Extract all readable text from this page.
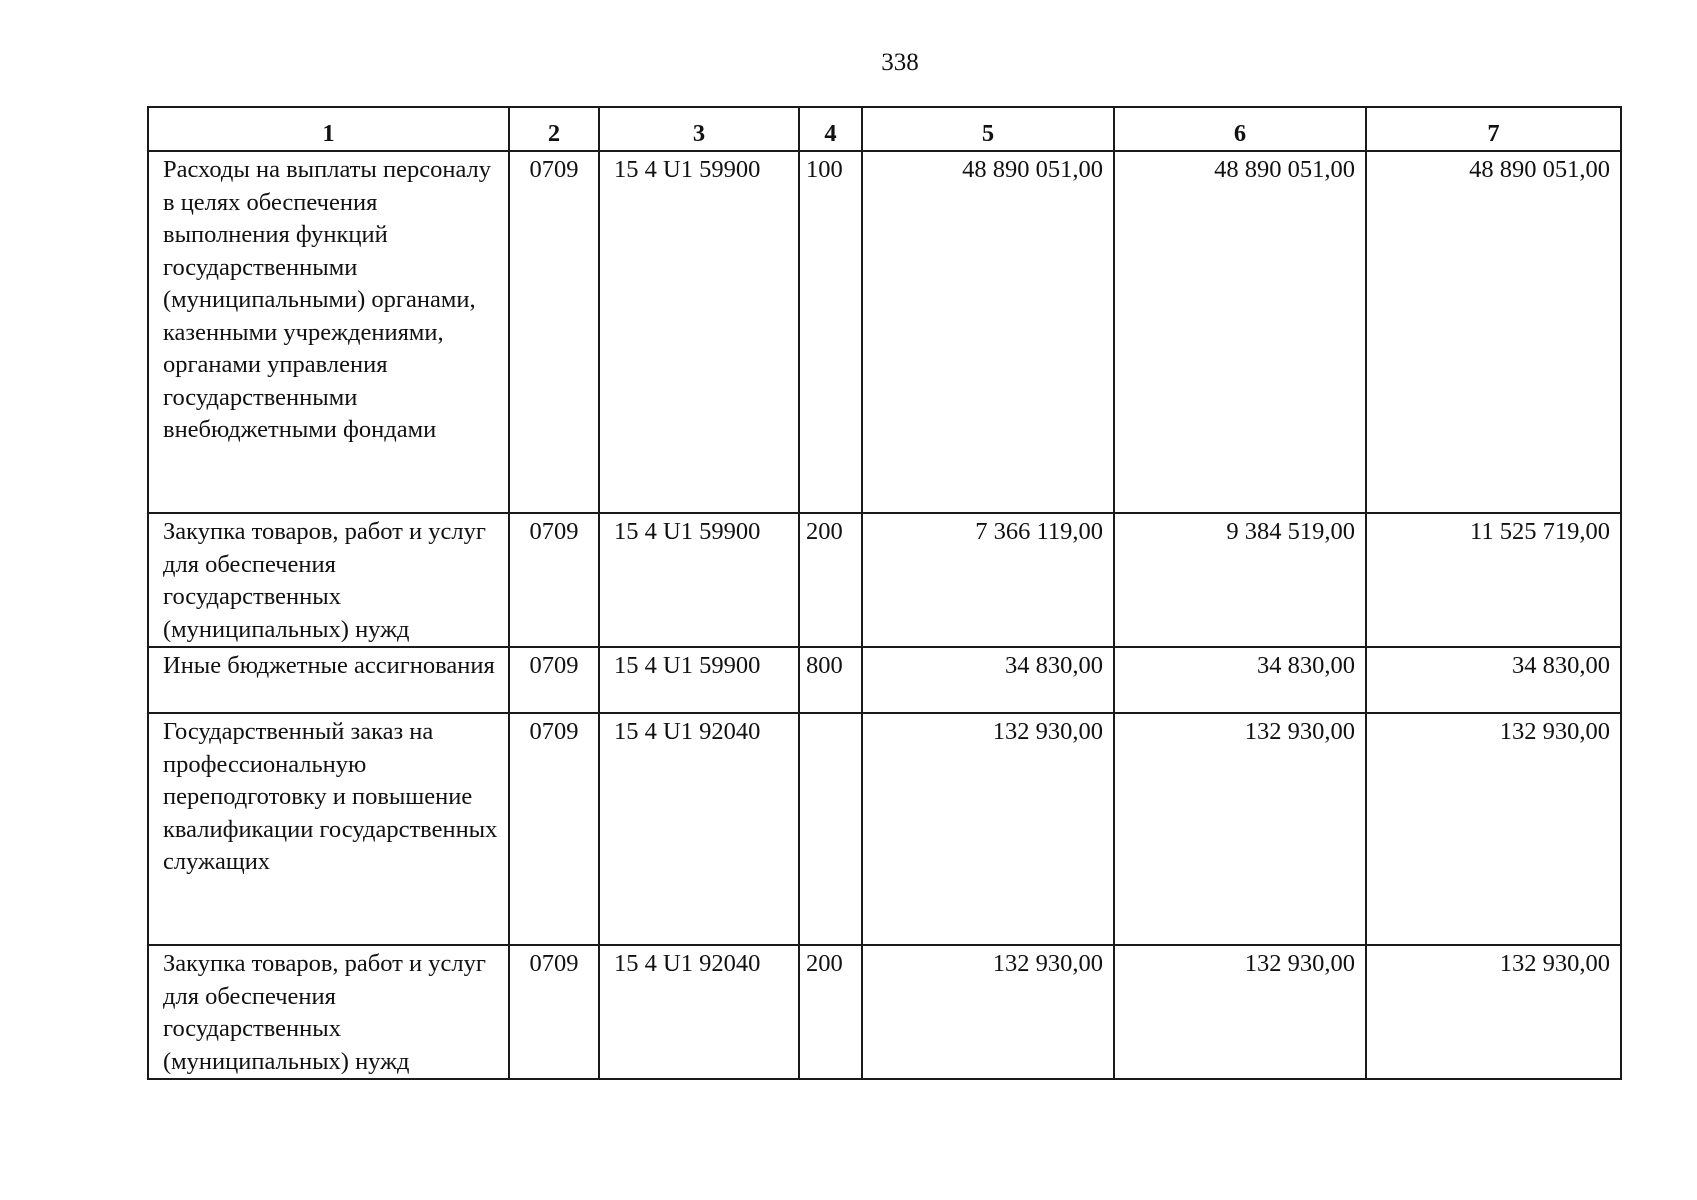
338
1	2	3	4	5	6	7
Расходы на выплаты персоналу в целях обеспечения выполнения функций государственными (муниципальными) органами, казенными учреждениями, органами управления государственными внебюджетными фондами	0709	15 4 U1 59900	100	48 890 051,00	48 890 051,00	48 890 051,00
Закупка товаров, работ и услуг для обеспечения государственных (муниципальных) нужд	0709	15 4 U1 59900	200	7 366 119,00	9 384 519,00	11 525 719,00
Иные бюджетные ассигнования	0709	15 4 U1 59900	800	34 830,00	34 830,00	34 830,00
Государственный заказ на профессиональную переподготовку и повышение квалификации государственных служащих	0709	15 4 U1 92040		132 930,00	132 930,00	132 930,00
Закупка товаров, работ и услуг для обеспечения государственных (муниципальных) нужд	0709	15 4 U1 92040	200	132 930,00	132 930,00	132 930,00
